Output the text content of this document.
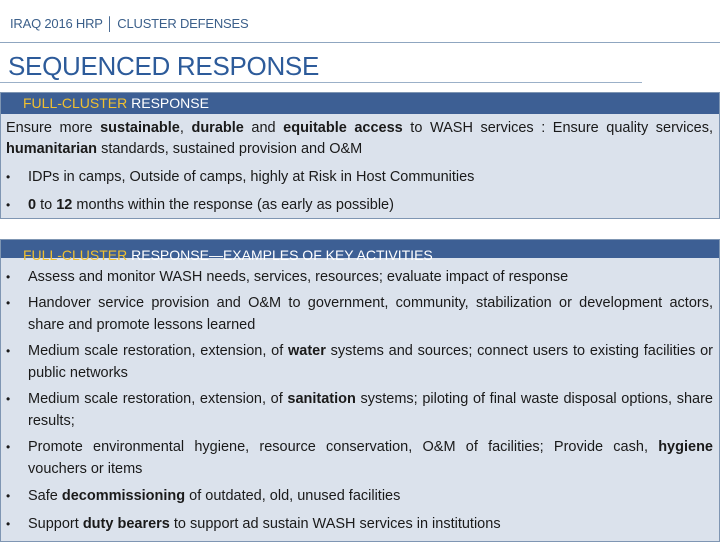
IRAQ 2016 HRP │ CLUSTER DEFENSES
SEQUENCED RESPONSE
FULL-CLUSTER RESPONSE
Ensure more sustainable, durable and equitable access to WASH services : Ensure quality services, humanitarian standards, sustained provision and O&M
• IDPs in camps, Outside of camps, highly at Risk in Host Communities
• 0 to 12 months within the response (as early as possible)
FULL-CLUSTER RESPONSE—EXAMPLES OF KEY ACTIVITIES
• Assess and monitor WASH needs, services, resources; evaluate impact of response
• Handover service provision and O&M to government, community, stabilization or development actors, share and promote lessons learned
• Medium scale restoration, extension, of water systems and sources; connect users to existing facilities or public networks
• Medium scale restoration, extension, of sanitation systems; piloting of final waste disposal options, share results;
• Promote environmental hygiene, resource conservation, O&M of facilities; Provide cash, hygiene vouchers or items
• Safe decommissioning of outdated, old, unused facilities
• Support duty bearers to support ad sustain WASH services in institutions
